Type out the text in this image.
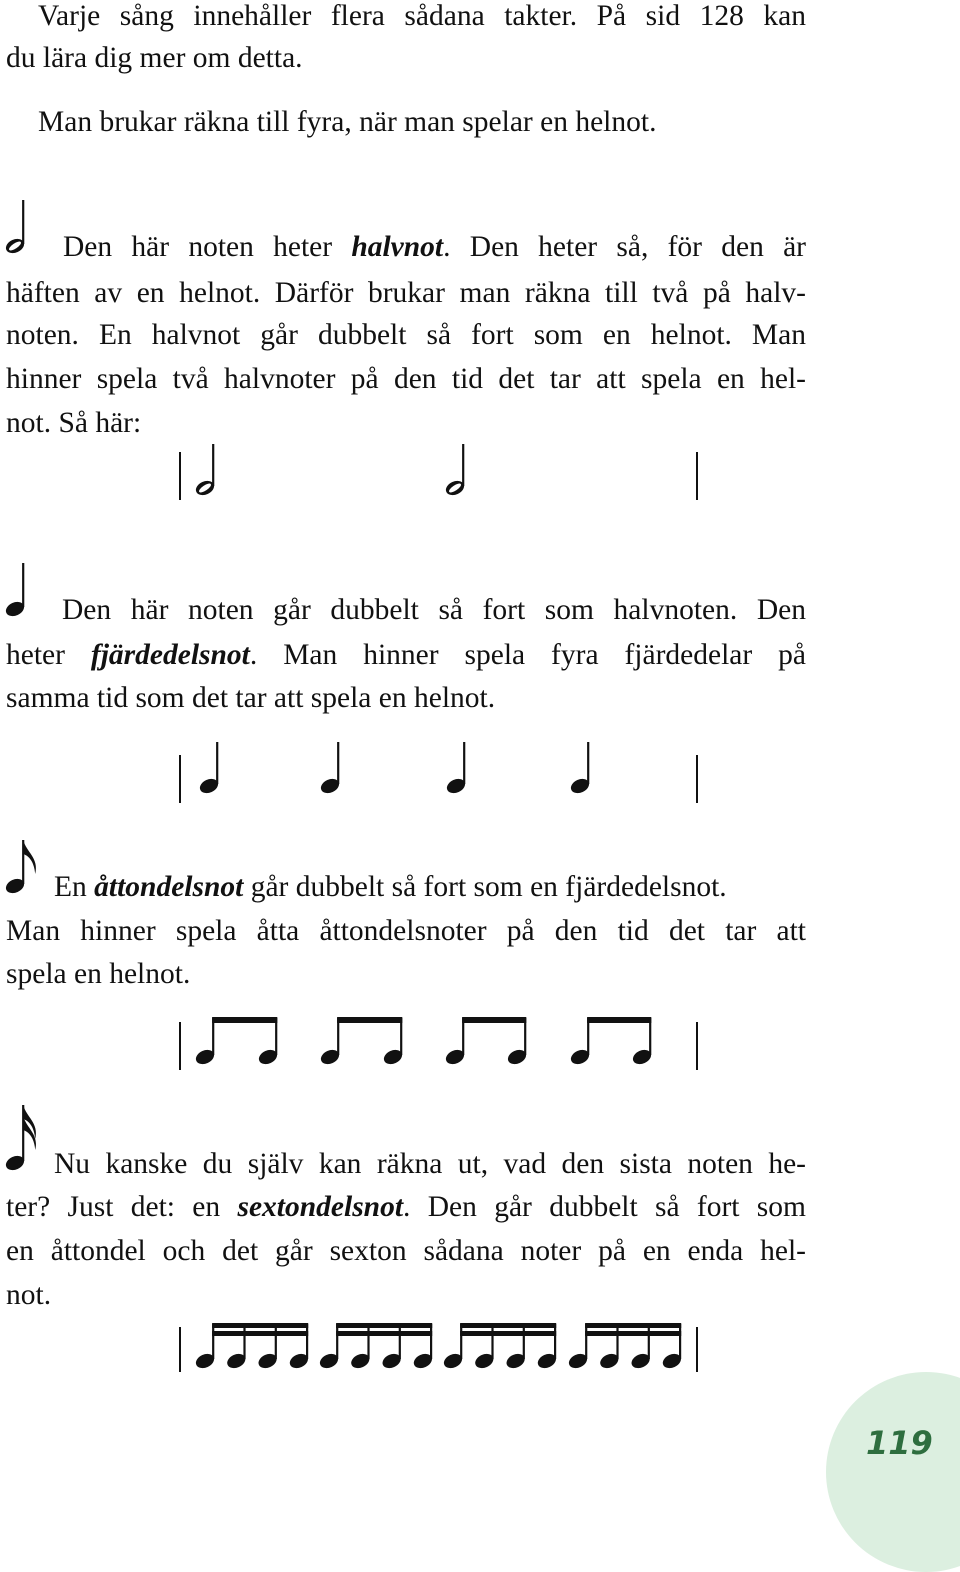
Varje sång innehåller flera sådana takter. På sid 128 kan
du lära dig mer om detta.
Man brukar räkna till fyra, när man spelar en helnot.
Den här noten heter halvnot. Den heter så, för den är
häften av en helnot. Därför brukar man räkna till två på halv-
noten. En halvnot går dubbelt så fort som en helnot. Man
hinner spela två halvnoter på den tid det tar att spela en hel-
not. Så här:
Den här noten går dubbelt så fort som halvnoten. Den
heter fjärdedelsnot. Man hinner spela fyra fjärdedelar på
samma tid som det tar att spela en helnot.
En åttondelsnot går dubbelt så fort som en fjärdedelsnot.
Man hinner spela åtta åttondelsnoter på den tid det tar att
spela en helnot.
Nu kanske du själv kan räkna ut, vad den sista noten he-
ter? Just det: en sextondelsnot. Den går dubbelt så fort som
en åttondel och det går sexton sådana noter på en enda hel-
not.
119
